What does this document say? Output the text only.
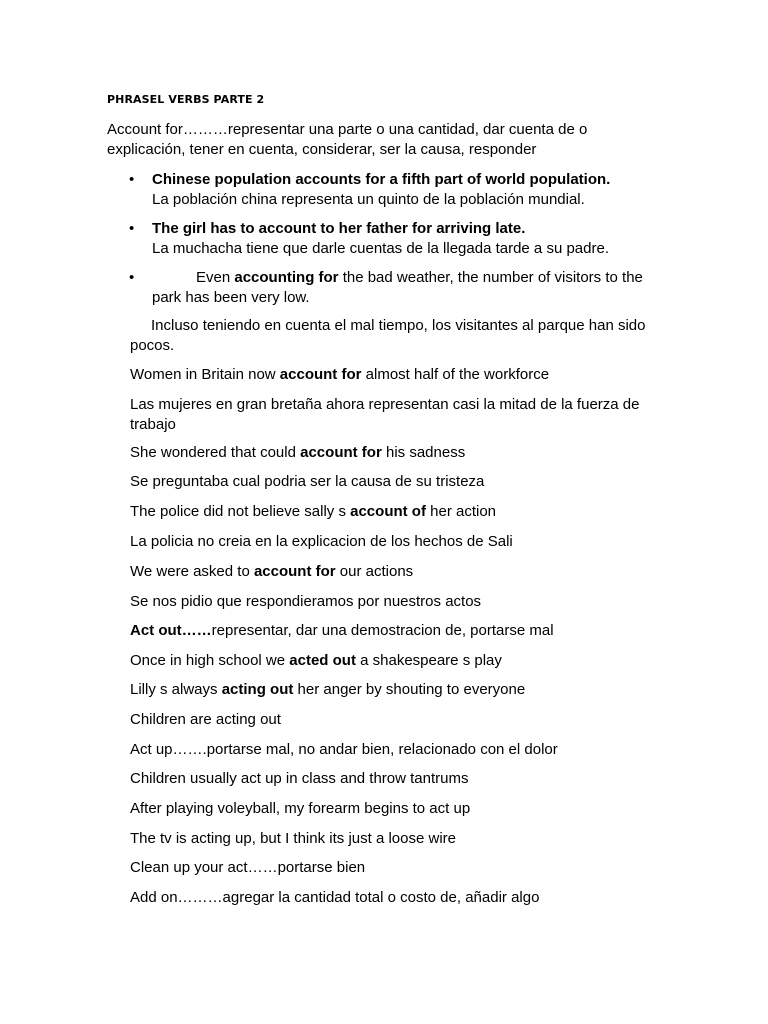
PHRASEL VERBS PARTE 2
Account for………representar una parte o una cantidad, dar cuenta de o explicación, tener en cuenta, considerar, ser la causa, responder
• Chinese population accounts for a fifth part of world population.
La población china representa un quinto de la población mundial.
• The girl has to account to her father for arriving late.
La muchacha tiene que darle cuentas de la llegada tarde a su padre.
• Even accounting for the bad weather, the number of visitors to the park has been very low.
Incluso teniendo en cuenta el mal tiempo, los visitantes al parque han sido pocos.
Women in Britain now account for almost half of the workforce
Las mujeres en gran bretaña ahora representan casi la mitad de la fuerza de trabajo
She wondered that could account for his sadness
Se preguntaba cual podria ser la causa de su tristeza
The police did not believe sally s account of her action
La policia no creia en la explicacion de los hechos de Sali
We were asked to account for our actions
Se nos pidio que respondieramos por nuestros actos
Act out……representar, dar una demostracion de, portarse mal
Once in high school we acted out a shakespeare s play
Lilly s always acting out her anger by shouting to everyone
Children are acting out
Act up…….portarse mal, no andar bien, relacionado con el dolor
Children usually act up in class and throw tantrums
After playing voleyball, my forearm begins to act up
The tv is acting up, but I think its just a loose wire
Clean up your act……portarse bien
Add on………agregar la cantidad total o costo de, añadir algo
